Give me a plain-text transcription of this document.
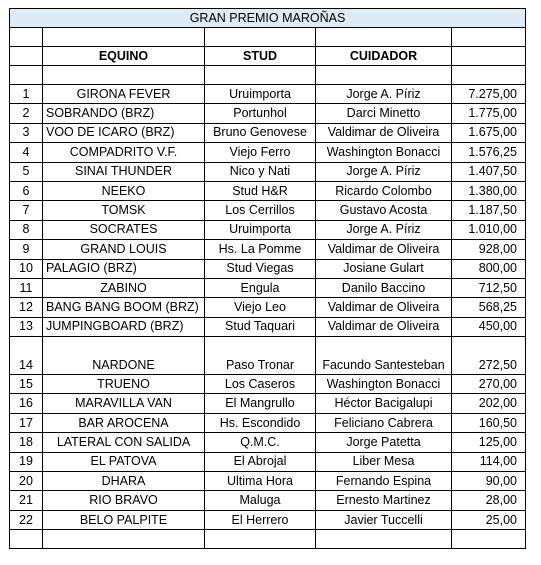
GRAN PREMIO MAROÑAS				

	EQUINO	STUD	CUIDADOR	

1	GIRONA FEVER	Uruimporta	Jorge A. Píriz	7.275,00
2	SOBRANDO (BRZ)	Portunhol	Darci Minetto	1.775,00
3	VOO DE ICARO (BRZ)	Bruno Genovese	Valdimar de Oliveira	1.675,00
4	COMPADRITO V.F.	Viejo Ferro	Washington Bonacci	1.576,25
5	SINAI THUNDER	Nico y Nati	Jorge A. Píriz	1.407,50
6	NEEKO	Stud H&R	Ricardo Colombo	1.380,00
7	TOMSK	Los Cerrillos	Gustavo Acosta	1.187,50
8	SOCRATES	Uruimporta	Jorge A. Píriz	1.010,00
9	GRAND LOUIS	Hs. La Pomme	Valdimar de Oliveira	928,00
10	PALAGIO (BRZ)	Stud Viegas	Josiane Gulart	800,00
11	ZABINO	Engula	Danilo Baccino	712,50
12	BANG BANG BOOM (BRZ)	Viejo Leo	Valdimar de Oliveira	568,25
13	JUMPINGBOARD (BRZ)	Stud Taquari	Valdimar de Oliveira	450,00
14	NARDONE	Paso Tronar	Facundo Santesteban	272,50
15	TRUENO	Los Caseros	Washington Bonacci	270,00
16	MARAVILLA VAN	El Mangrullo	Héctor Bacigalupi	202,00
17	BAR AROCENA	Hs. Escondido	Feliciano Cabrera	160,50
18	LATERAL CON SALIDA	Q.M.C.	Jorge Patetta	125,00
19	EL PATOVA	El Abrojal	Liber Mesa	114,00
20	DHARA	Ultima Hora	Fernando Espina	90,00
21	RIO BRAVO	Maluga	Ernesto Martinez	28,00
22	BELO PALPITE	El Herrero	Javier Tuccelli	25,00
